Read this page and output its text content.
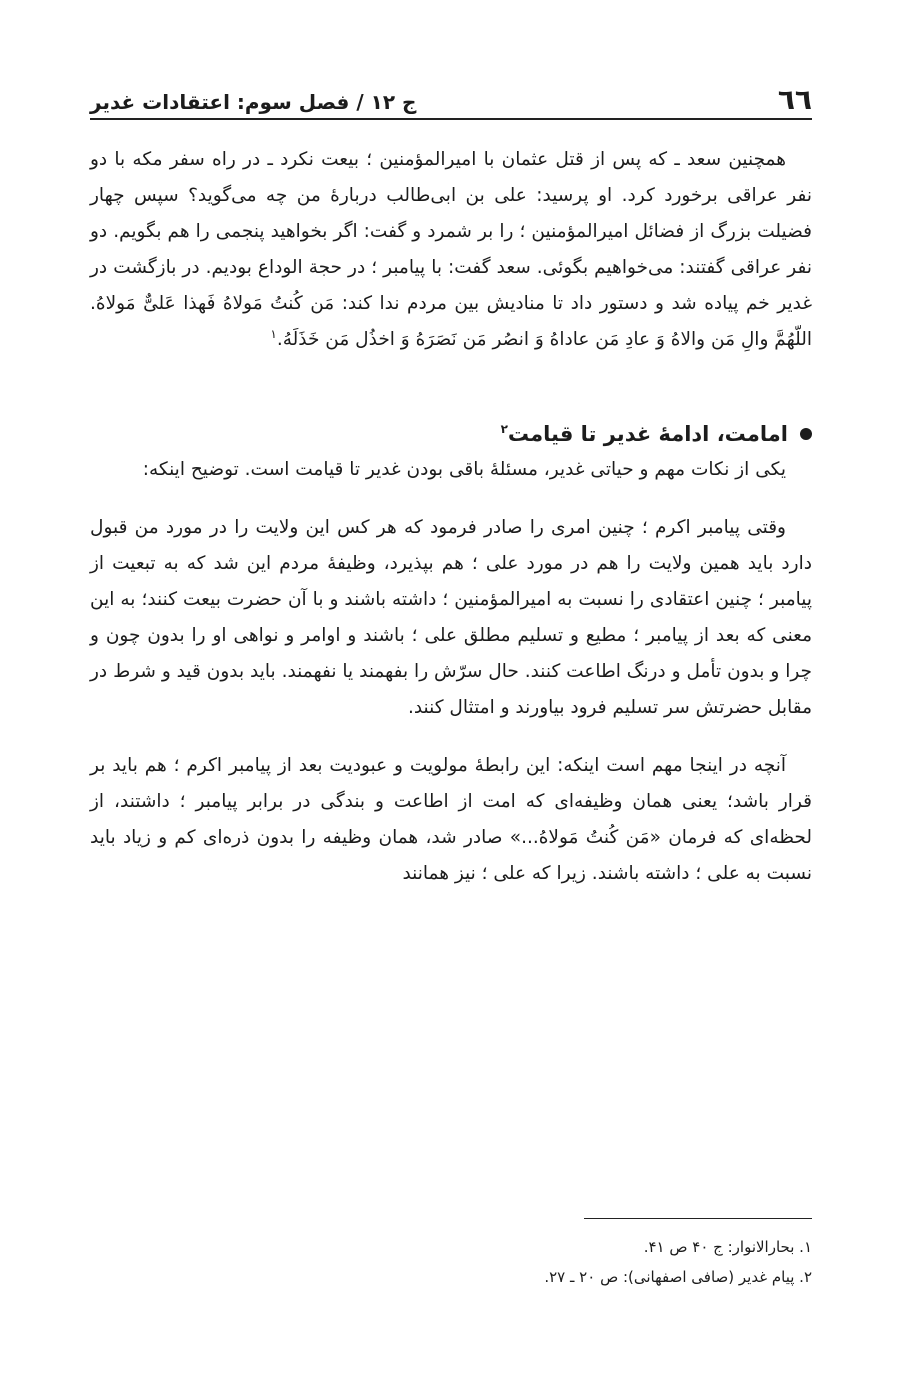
٦٦
ج ۱۲ / فصل سوم: اعتقادات غدیر

همچنین سعد ـ که پس از قتل عثمان با امیرالمؤمنین ؛ بیعت نکرد ـ در راه سفر مکه با دو نفر عراقی برخورد کرد. او پرسید: علی بن ابی‌طالب دربارهٔ من چه می‌گوید؟ سپس چهار فضیلت بزرگ از فضائل امیرالمؤمنین ؛ را بر شمرد و گفت: اگر بخواهید پنجمی را هم بگویم. دو نفر عراقی گفتند: می‌خواهیم بگوئی. سعد گفت: با پیامبر ؛ در حجة الوداع بودیم. در بازگشت در غدیر خم پیاده شد و دستور داد تا منادیش بین مردم ندا کند: مَن کُنتُ مَولاهُ فَهذا عَلیٌّ مَولاهُ. اللّهُمَّ والِ مَن والاهُ وَ عادِ مَن عاداهُ وَ انصُر مَن نَصَرَهُ وَ اخذُل مَن خَذَلَهُ.$^۱$

امامت، ادامهٔ غدیر تا قیامت$^۲$

یکی از نکات مهم و حیاتی غدیر، مسئلهٔ باقی بودن غدیر تا قیامت است. توضیح اینکه:

وقتی پیامبر اکرم ؛ چنین امری را صادر فرمود که هر کس این ولایت را در مورد من قبول دارد باید همین ولایت را هم در مورد علی ؛ هم بپذیرد، وظیفهٔ مردم این شد که به تبعیت از پیامبر ؛ چنین اعتقادی را نسبت به امیرالمؤمنین ؛ داشته باشند و با آن حضرت بیعت کنند؛ به این معنی که بعد از پیامبر ؛ مطیع و تسلیم مطلق علی ؛ باشند و اوامر و نواهی او را بدون چون و چرا و بدون تأمل و درنگ اطاعت کنند. حال سرّش را بفهمند یا نفهمند. باید بدون قید و شرط در مقابل حضرتش سر تسلیم فرود بیاورند و امتثال کنند.

آنچه در اینجا مهم است اینکه: این رابطهٔ مولویت و عبودیت بعد از پیامبر اکرم ؛ هم باید بر قرار باشد؛ یعنی همان وظیفه‌ای که امت از اطاعت و بندگی در برابر پیامبر ؛ داشتند، از لحظه‌ای که فرمان «مَن کُنتُ مَولاهُ...» صادر شد، همان وظیفه را بدون ذره‌ای کم و زیاد باید نسبت به علی ؛ داشته باشند. زیرا که علی ؛ نیز همانند

۱. بحارالانوار: ج ۴۰ ص ۴۱.

۲. پیام غدیر (صافی اصفهانی): ص ۲۰ ـ ۲۷.
